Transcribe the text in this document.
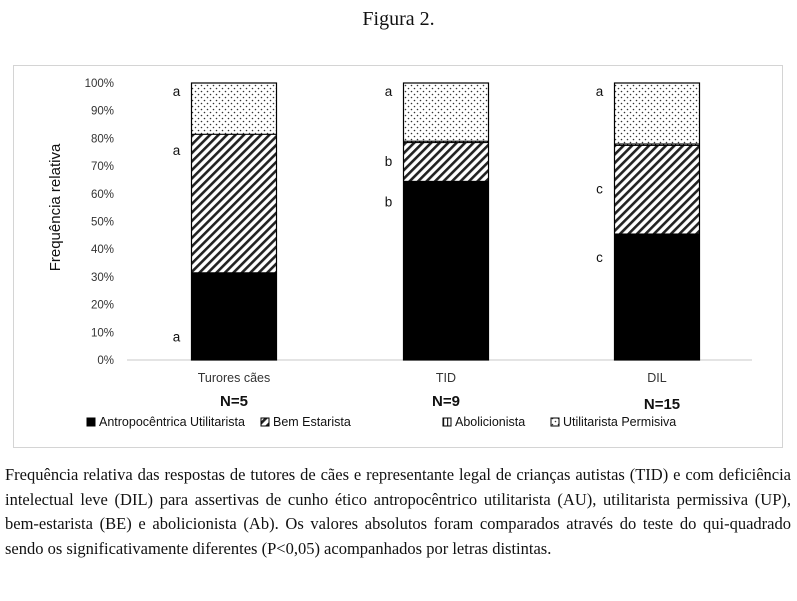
Figura 2.
0%
10%
20%
30%
40%
50%
60%
70%
80%
90%
100%
Frequência relativa
Turores cães
N=5
a
a
a
TID
N=9
b
b
a
DIL
N=15
c
c
a
Antropocêntrica Utilitarista Bem Estarista	Abolicionista	Utilitarista Permisiva

Frequência relativa das respostas de tutores de cães e representante legal de crianças autistas (TID) e com deficiência intelectual leve (DIL) para assertivas de cunho ético antropocêntrico utilitarista (AU), utilitarista permissiva (UP), bem-estarista (BE) e abolicionista (Ab). Os valores absolutos foram comparados através do teste do qui-quadrado sendo os significativamente diferentes (P<0,05) acompanhados por letras distintas.
